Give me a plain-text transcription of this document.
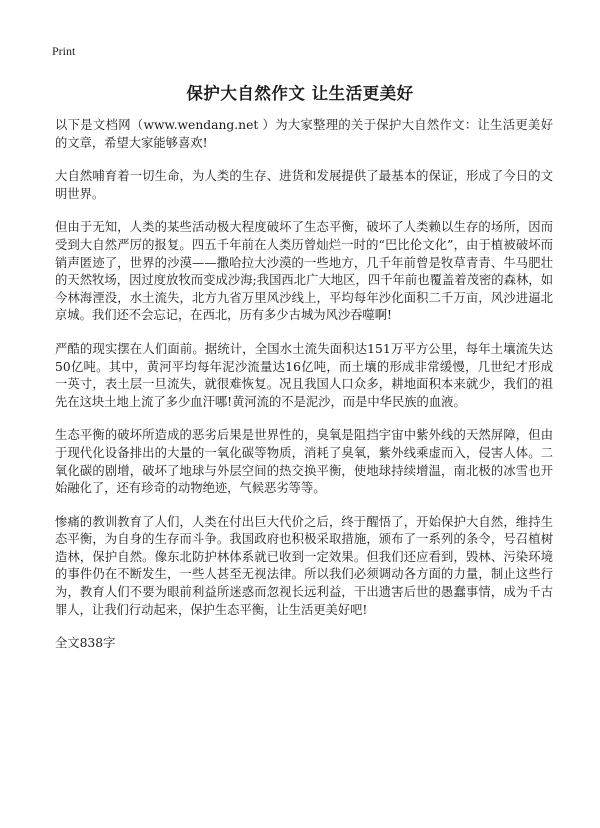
Print
保护大自然作文 让生活更美好

以下是文档网（www.wendang.net ）为大家整理的关于保护大自然作文：让生活更美好的文章，希望大家能够喜欢!

大自然哺育着一切生命，为人类的生存、进货和发展提供了最基本的保证，形成了今日的文明世界。

但由于无知，人类的某些活动极大程度破坏了生态平衡，破坏了人类赖以生存的场所，因而受到大自然严厉的报复。四五千年前在人类历曾灿烂一时的“巴比伦文化”，由于植被破坏而销声匿迹了，世界的沙漠——撒哈拉大沙漠的一些地方，几千年前曾是牧草青青、牛马肥壮的天然牧场，因过度放牧而变成沙海;我国西北广大地区，四千年前也覆盖着茂密的森林，如今林海湮没，水土流失，北方九省万里风沙线上，平均每年沙化面积二千万亩，风沙进逼北京城。我们还不会忘记，在西北，历有多少古城为风沙吞噬啊!

严酷的现实摆在人们面前。据统计，全国水土流失面积达151万平方公里，每年土壤流失达50亿吨。其中，黄河平均每年泥沙流量达16亿吨，而土壤的形成非常缓慢，几世纪才形成一英寸，表土层一旦流失，就很难恢复。况且我国人口众多，耕地面积本来就少，我们的祖先在这块土地上流了多少血汗哪!黄河流的不是泥沙，而是中华民族的血液。

生态平衡的破坏所造成的恶劣后果是世界性的，臭氧是阻挡宇宙中紫外线的天然屏障，但由于现代化设备排出的大量的一氧化碳等物质，消耗了臭氧，紫外线乘虚而入，侵害人体。二氧化碳的剧增，破坏了地球与外层空间的热交换平衡，使地球持续增温，南北极的冰雪也开始融化了，还有珍奇的动物绝迹，气候恶劣等等。

惨痛的教训教育了人们，人类在付出巨大代价之后，终于醒悟了，开始保护大自然，维持生态平衡，为自身的生存而斗争。我国政府也积极采取措施，颁布了一系列的条令，号召植树造林，保护自然。像东北防护林体系就已收到一定效果。但我们还应看到，毁林、污染环境的事件仍在不断发生，一些人甚至无视法律。所以我们必须调动各方面的力量，制止这些行为，教育人们不要为眼前利益所迷惑而忽视长远利益，干出遗害后世的愚蠢事情，成为千古罪人，让我们行动起来，保护生态平衡，让生活更美好吧!

全文838字
